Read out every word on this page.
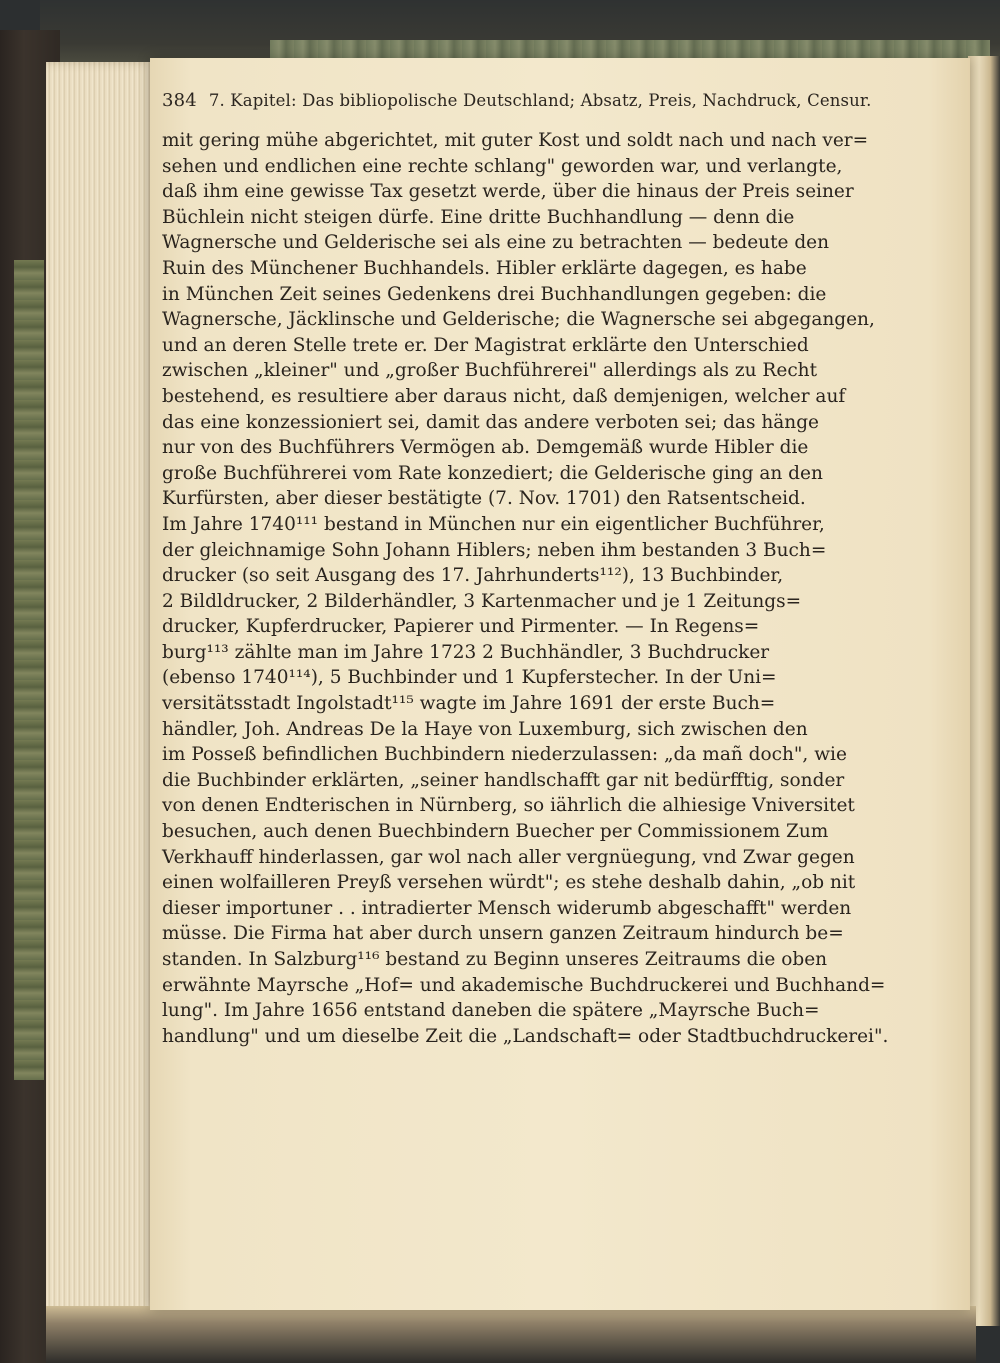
384 7. Kapitel: Das bibliopolische Deutschland; Absatz, Preis, Nachdruck, Censur.
mit gering mühe abgerichtet, mit guter Kost und soldt nach und nach ver=
sehen und endlichen eine rechte schlang" geworden war, und verlangte,
daß ihm eine gewisse Tax gesetzt werde, über die hinaus der Preis seiner
Büchlein nicht steigen dürfe. Eine dritte Buchhandlung — denn die
Wagnersche und Gelderische sei als eine zu betrachten — bedeute den
Ruin des Münchener Buchhandels. Hibler erklärte dagegen, es habe
in München Zeit seines Gedenkens drei Buchhandlungen gegeben: die
Wagnersche, Jäcklinsche und Gelderische; die Wagnersche sei abgegangen,
und an deren Stelle trete er. Der Magistrat erklärte den Unterschied
zwischen „kleiner" und „großer Buchführerei" allerdings als zu Recht
bestehend, es resultiere aber daraus nicht, daß demjenigen, welcher auf
das eine konzessioniert sei, damit das andere verboten sei; das hänge
nur von des Buchführers Vermögen ab. Demgemäß wurde Hibler die
große Buchführerei vom Rate konzediert; die Gelderische ging an den
Kurfürsten, aber dieser bestätigte (7. Nov. 1701) den Ratsentscheid.
Im Jahre 1740¹¹¹ bestand in München nur ein eigentlicher Buchführer,
der gleichnamige Sohn Johann Hiblers; neben ihm bestanden 3 Buch=
drucker (so seit Ausgang des 17. Jahrhunderts¹¹²), 13 Buchbinder,
2 Bildldrucker, 2 Bilderhändler, 3 Kartenmacher und je 1 Zeitungs=
drucker, Kupferdrucker, Papierer und Pirmenter. — In Regens=
burg¹¹³ zählte man im Jahre 1723 2 Buchhändler, 3 Buchdrucker
(ebenso 1740¹¹⁴), 5 Buchbinder und 1 Kupferstecher. In der Uni=
versitätsstadt Ingolstadt¹¹⁵ wagte im Jahre 1691 der erste Buch=
händler, Joh. Andreas De la Haye von Luxemburg, sich zwischen den
im Posseß befindlichen Buchbindern niederzulassen: „da mañ doch", wie
die Buchbinder erklärten, „seiner handlschafft gar nit bedürfftig, sonder
von denen Endterischen in Nürnberg, so iährlich die alhiesige Vniversitet
besuchen, auch denen Buechbindern Buecher per Commissionem Zum
Verkhauff hinderlassen, gar wol nach aller vergnüegung, vnd Zwar gegen
einen wolfailleren Preyß versehen würdt"; es stehe deshalb dahin, „ob nit
dieser importuner . . intradierter Mensch widerumb abgeschafft" werden
müsse. Die Firma hat aber durch unsern ganzen Zeitraum hindurch be=
standen. In Salzburg¹¹⁶ bestand zu Beginn unseres Zeitraums die oben
erwähnte Mayrsche „Hof= und akademische Buchdruckerei und Buchhand=
lung". Im Jahre 1656 entstand daneben die spätere „Mayrsche Buch=
handlung" und um dieselbe Zeit die „Landschaft= oder Stadtbuchdruckerei".
